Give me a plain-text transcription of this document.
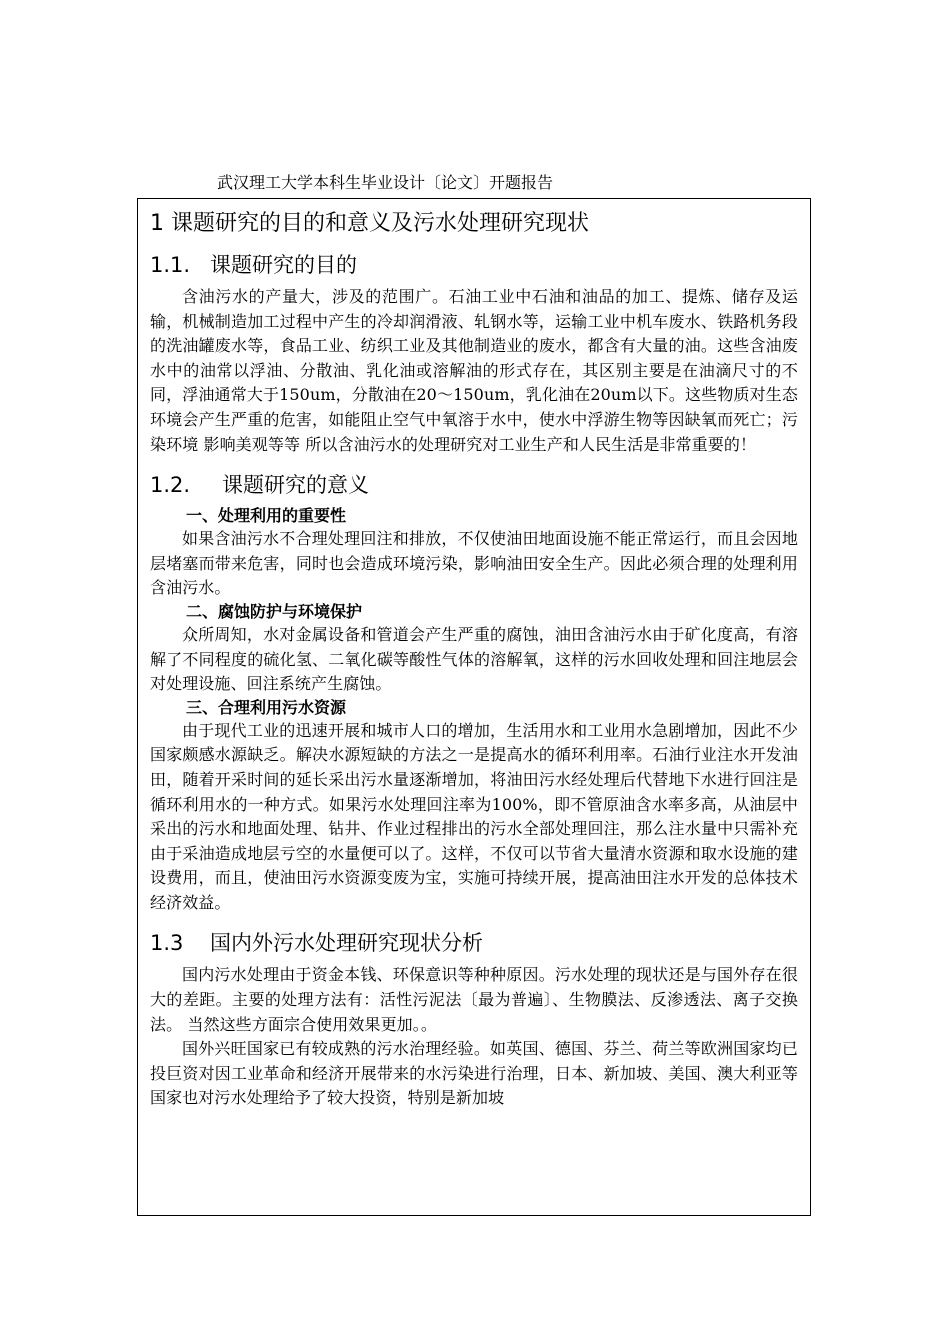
武汉理工大学本科生毕业设计〔论文〕开题报告
1 课题研究的目的和意义及污水处理研究现状
1.1. 课题研究的目的
含油污水的产量大，涉及的范围广。石油工业中石油和油品的加工、提炼、储存及运输，机械制造加工过程中产生的冷却润滑液、轧钢水等，运输工业中机车废水、铁路机务段的洗油罐废水等，食品工业、纺织工业及其他制造业的废水，都含有大量的油。这些含油废水中的油常以浮油、分散油、乳化油或溶解油的形式存在，其区别主要是在油滴尺寸的不同，浮油通常大于150um，分散油在20～150um，乳化油在20um以下。这些物质对生态环境会产生严重的危害，如能阻止空气中氧溶于水中，使水中浮游生物等因缺氧而死亡；污染环境 影响美观等等 所以含油污水的处理研究对工业生产和人民生活是非常重要的！
1.2. 课题研究的意义
一、处理利用的重要性
如果含油污水不合理处理回注和排放，不仅使油田地面设施不能正常运行，而且会因地层堵塞而带来危害，同时也会造成环境污染，影响油田安全生产。因此必须合理的处理利用含油污水。
二、腐蚀防护与环境保护
众所周知，水对金属设备和管道会产生严重的腐蚀，油田含油污水由于矿化度高，有溶解了不同程度的硫化氢、二氧化碳等酸性气体的溶解氧，这样的污水回收处理和回注地层会对处理设施、回注系统产生腐蚀。
三、合理利用污水资源
由于现代工业的迅速开展和城市人口的增加，生活用水和工业用水急剧增加，因此不少国家颇感水源缺乏。解决水源短缺的方法之一是提高水的循环利用率。石油行业注水开发油田，随着开采时间的延长采出污水量逐渐增加，将油田污水经处理后代替地下水进行回注是循环利用水的一种方式。如果污水处理回注率为100%，即不管原油含水率多高，从油层中采出的污水和地面处理、钻井、作业过程排出的污水全部处理回注，那么注水量中只需补充由于采油造成地层亏空的水量便可以了。这样，不仅可以节省大量清水资源和取水设施的建设费用，而且，使油田污水资源变废为宝，实施可持续开展，提高油田注水开发的总体技术经济效益。
1.3 国内外污水处理研究现状分析
国内污水处理由于资金本钱、环保意识等种种原因。污水处理的现状还是与国外存在很大的差距。主要的处理方法有：活性污泥法〔最为普遍〕、生物膜法、反渗透法、离子交换法。 当然这些方面宗合使用效果更加。。
国外兴旺国家已有较成熟的污水治理经验。如英国、德国、芬兰、荷兰等欧洲国家均已投巨资对因工业革命和经济开展带来的水污染进行治理，日本、新加坡、美国、澳大利亚等国家也对污水处理给予了较大投资，特别是新加坡
